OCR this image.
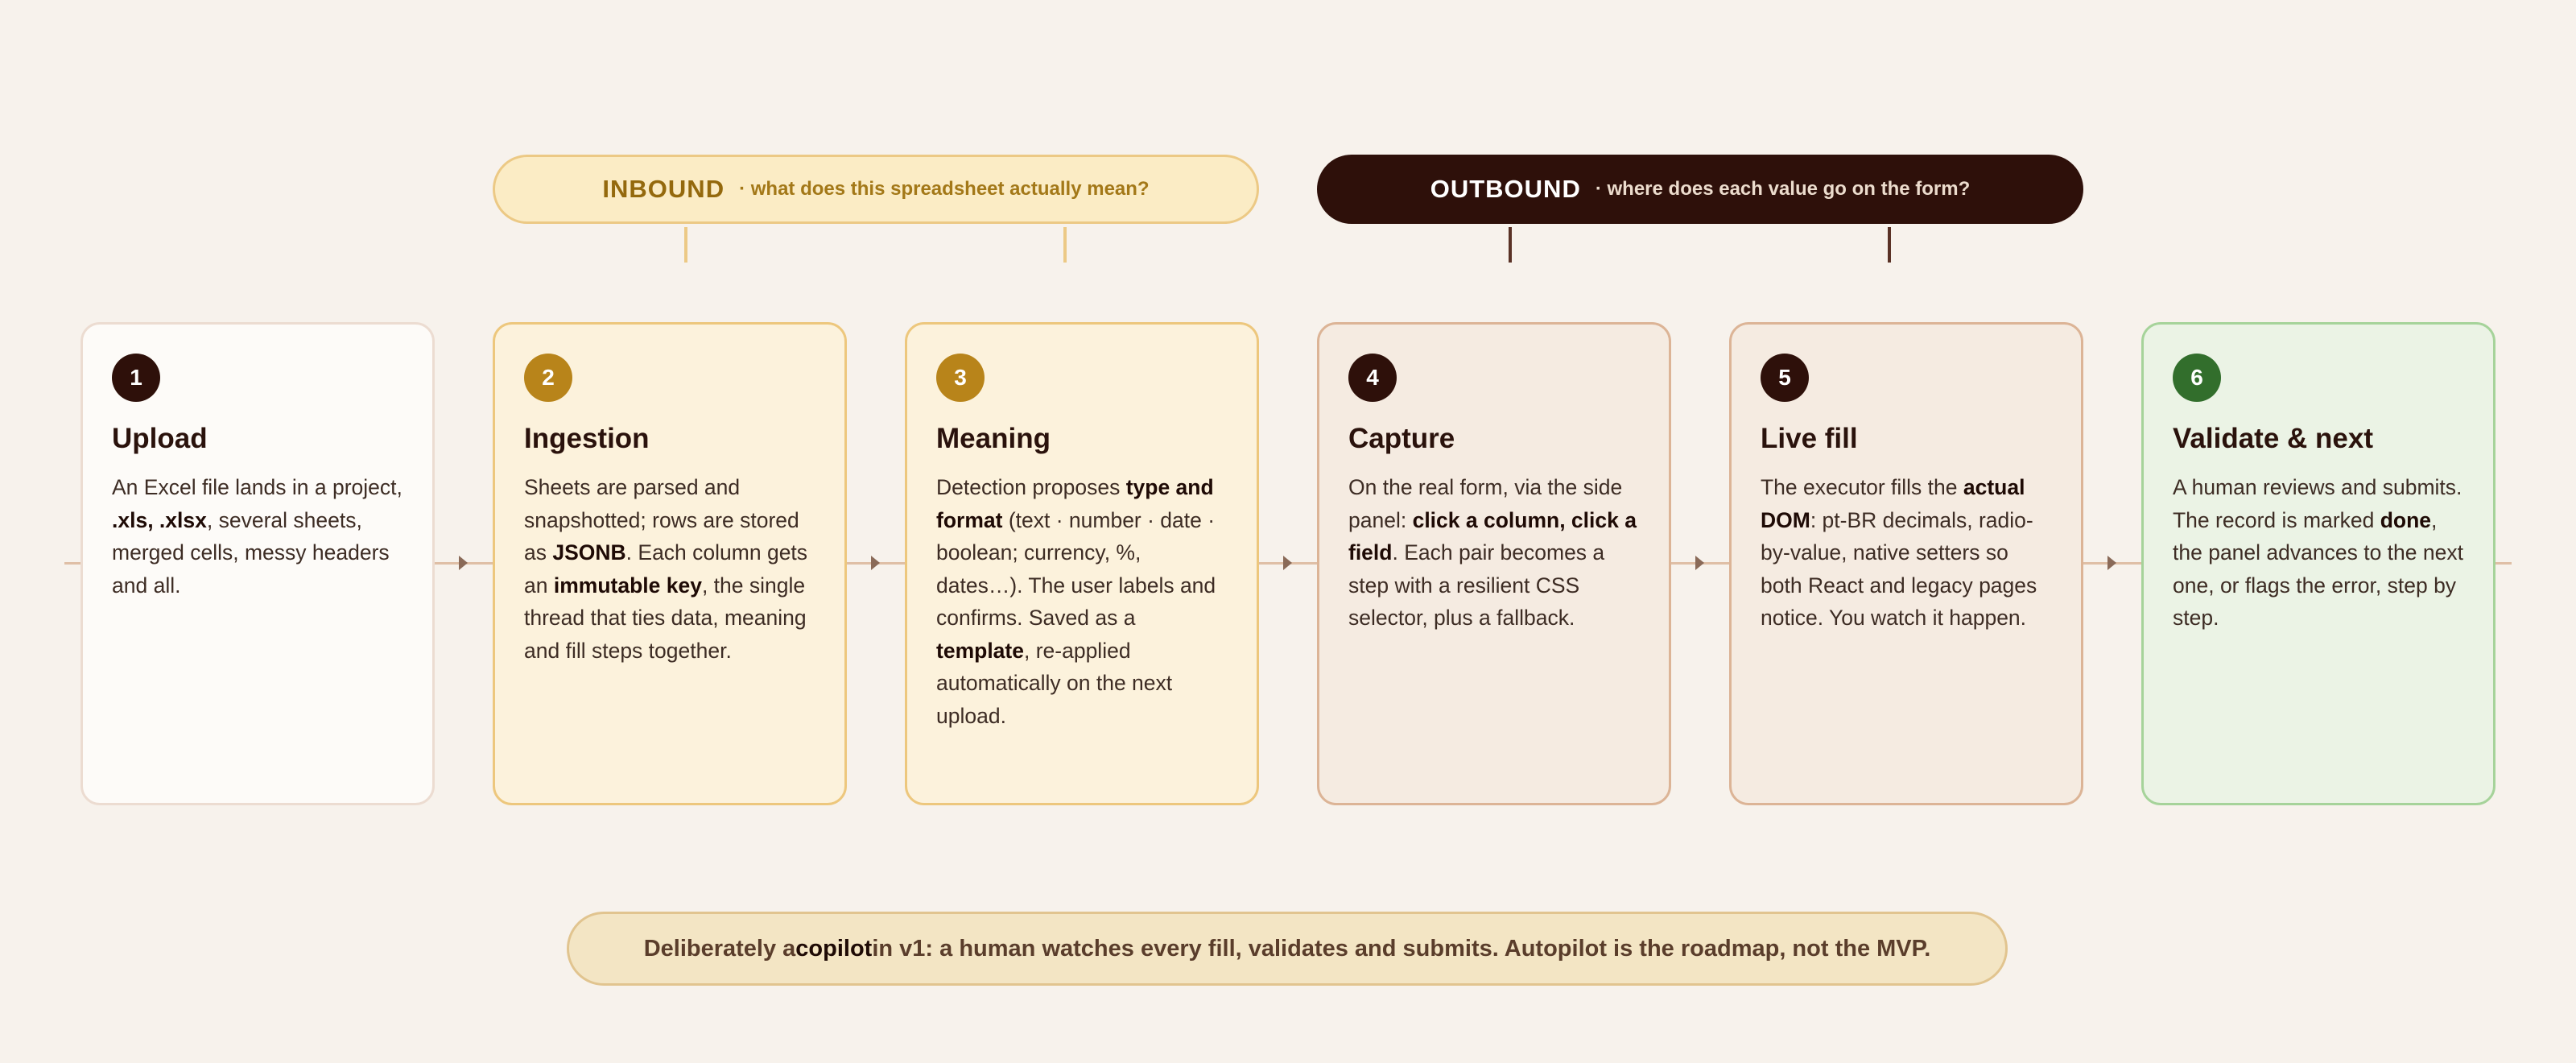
INBOUND · what does this spreadsheet actually mean?	OUTBOUND · where does each value go on the form?
1
Upload
An Excel file lands in a project, .xls, .xlsx, several sheets, merged cells, messy headers and all.
2
Ingestion
Sheets are parsed and snapshotted; rows are stored as JSONB. Each column gets an immutable key, the single thread that ties data, meaning and fill steps together.
3
Meaning
Detection proposes type and format (text · number · date · boolean; currency, %, dates…). The user labels and confirms. Saved as a template, re-applied automatically on the next upload.
4
Capture
On the real form, via the side panel: click a column, click a field. Each pair becomes a step with a resilient CSS selector, plus a fallback.
5
Live fill
The executor fills the actual DOM: pt-BR decimals, radio-by-value, native setters so both React and legacy pages notice. You watch it happen.
6
Validate & next
A human reviews and submits. The record is marked done, the panel advances to the next one, or flags the error, step by step.
Deliberately a copilot in v1: a human watches every fill, validates and submits. Autopilot is the roadmap, not the MVP.
